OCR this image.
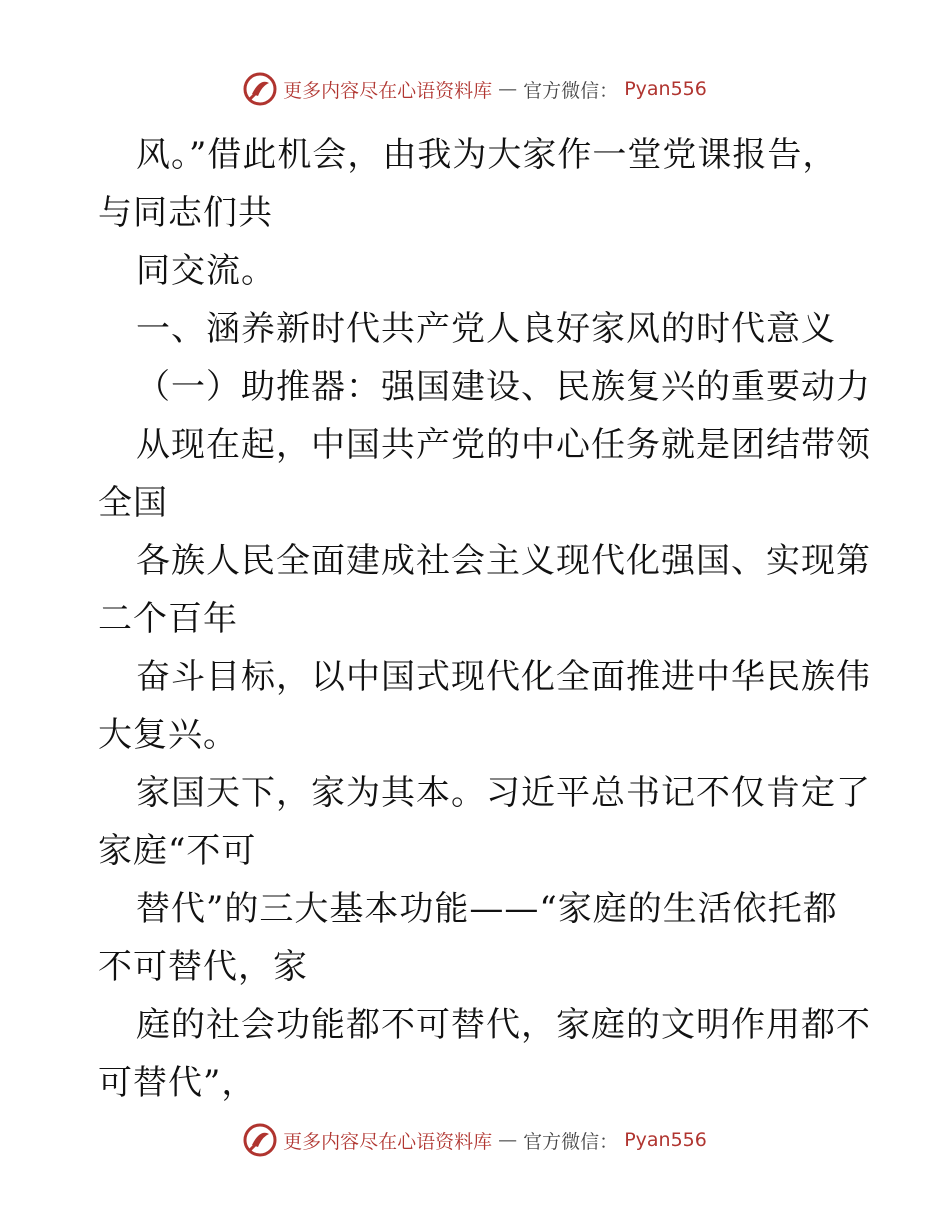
更多内容尽在心语资料库 — 官方微信： Pyan556

风。”借此机会，由我为大家作一堂党课报告，
与同志们共
同交流。
一、涵养新时代共产党人良好家风的时代意义
（一）助推器：强国建设、民族复兴的重要动力
从现在起，中国共产党的中心任务就是团结带领
全国
各族人民全面建成社会主义现代化强国、实现第
二个百年
奋斗目标，以中国式现代化全面推进中华民族伟
大复兴。
家国天下，家为其本。习近平总书记不仅肯定了
家庭“不可
替代”的三大基本功能——“家庭的生活依托都
不可替代，家
庭的社会功能都不可替代，家庭的文明作用都不
可替代”，

更多内容尽在心语资料库 — 官方微信： Pyan556
